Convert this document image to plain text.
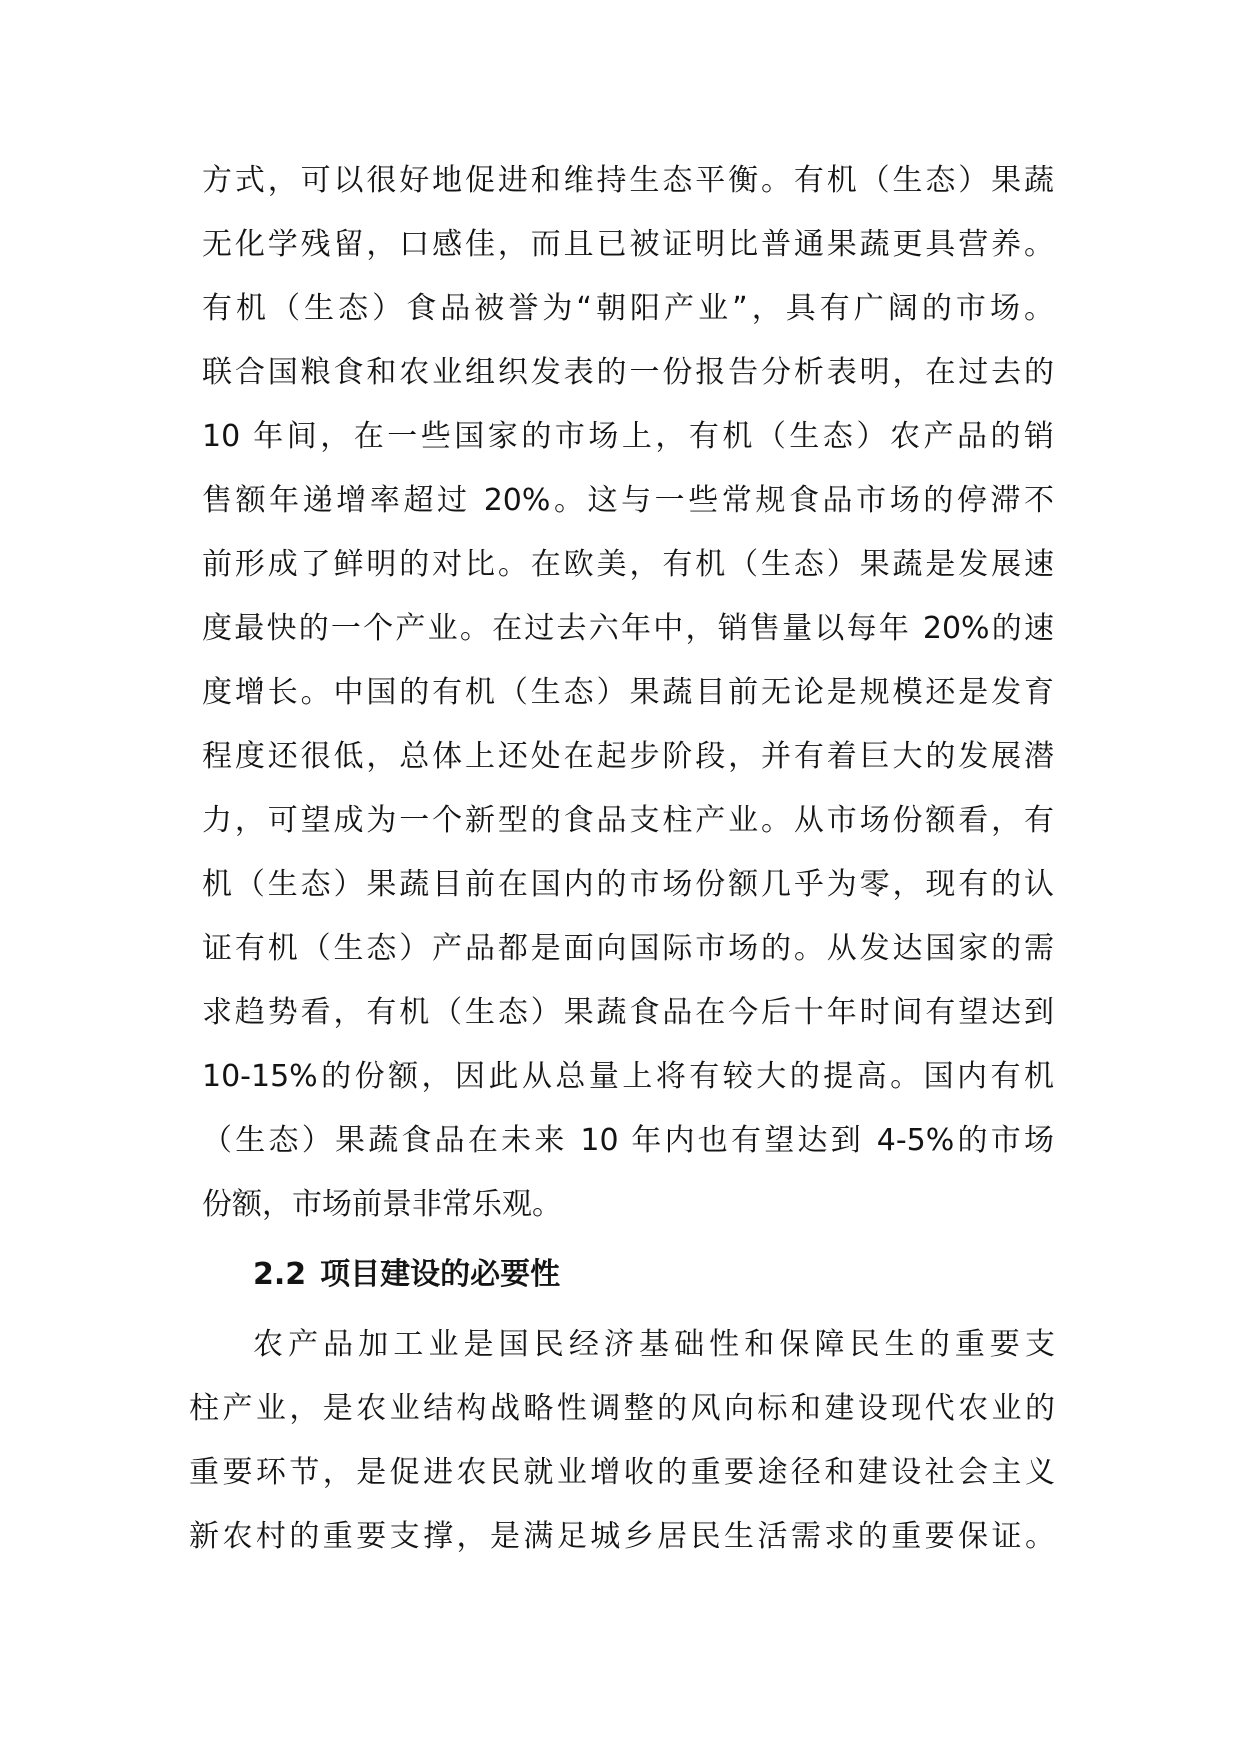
方式，可以很好地促进和维持生态平衡。有机（生态）果蔬
无化学残留，口感佳，而且已被证明比普通果蔬更具营养。
有机（生态）食品被誉为“朝阳产业”，具有广阔的市场。
联合国粮食和农业组织发表的一份报告分析表明，在过去的
10 年间，在一些国家的市场上，有机（生态）农产品的销
售额年递增率超过 20%。这与一些常规食品市场的停滞不
前形成了鲜明的对比。在欧美，有机（生态）果蔬是发展速
度最快的一个产业。在过去六年中，销售量以每年 20%的速
度增长。中国的有机（生态）果蔬目前无论是规模还是发育
程度还很低，总体上还处在起步阶段，并有着巨大的发展潜
力，可望成为一个新型的食品支柱产业。从市场份额看，有
机（生态）果蔬目前在国内的市场份额几乎为零，现有的认
证有机（生态）产品都是面向国际市场的。从发达国家的需
求趋势看，有机（生态）果蔬食品在今后十年时间有望达到
10-15%的份额，因此从总量上将有较大的提高。国内有机
（生态）果蔬食品在未来 10 年内也有望达到 4-5%的市场
份额，市场前景非常乐观。
2.2 项目建设的必要性
农产品加工业是国民经济基础性和保障民生的重要支
柱产业，是农业结构战略性调整的风向标和建设现代农业的
重要环节，是促进农民就业增收的重要途径和建设社会主义
新农村的重要支撑，是满足城乡居民生活需求的重要保证。
